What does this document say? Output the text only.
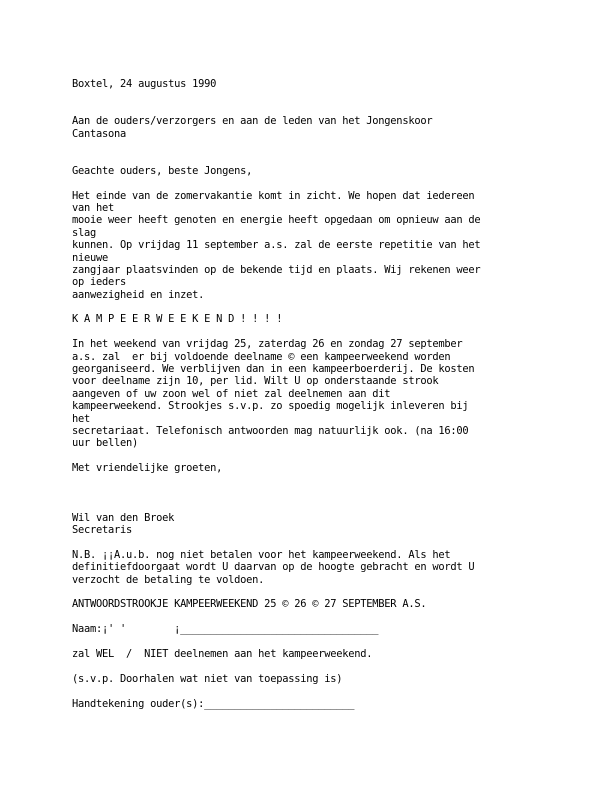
Boxtel, 24 augustus 1990
Aan de ouders/verzorgers en aan de leden van het Jongenskoor
Cantasona
Geachte ouders, beste Jongens,
Het einde van de zomervakantie komt in zicht. We hopen dat iedereen
van het
mooie weer heeft genoten en energie heeft opgedaan om opnieuw aan de
slag
kunnen. Op vrijdag 11 september a.s. zal de eerste repetitie van het
nieuwe
zangjaar plaatsvinden op de bekende tijd en plaats. Wij rekenen weer
op ieders
aanwezigheid en inzet.
K A M P E E R W E E K E N D ! ! ! !
In het weekend van vrijdag 25, zaterdag 26 en zondag 27 september
a.s. zal  er bij voldoende deelname © een kampeerweekend worden
georganiseerd. We verblijven dan in een kampeerboerderij. De kosten
voor deelname zijn 10, per lid. Wilt U op onderstaande strook
aangeven of uw zoon wel of niet zal deelnemen aan dit
kampeerweekend. Strookjes s.v.p. zo spoedig mogelijk inleveren bij
het
secretariaat. Telefonisch antwoorden mag natuurlijk ook. (na 16:00
uur bellen)
Met vriendelijke groeten,
Wil van den Broek
Secretaris
N.B. ¡¡A.u.b. nog niet betalen voor het kampeerweekend. Als het
definitiefdoorgaat wordt U daarvan op de hoogte gebracht en wordt U
verzocht de betaling te voldoen.
ANTWOORDSTROOKJE KAMPEERWEEKEND 25 © 26 © 27 SEPTEMBER A.S.
Naam:¡' '        ¡_________________________________
zal WEL  /  NIET deelnemen aan het kampeerweekend.
(s.v.p. Doorhalen wat niet van toepassing is)
Handtekening ouder(s):_________________________
